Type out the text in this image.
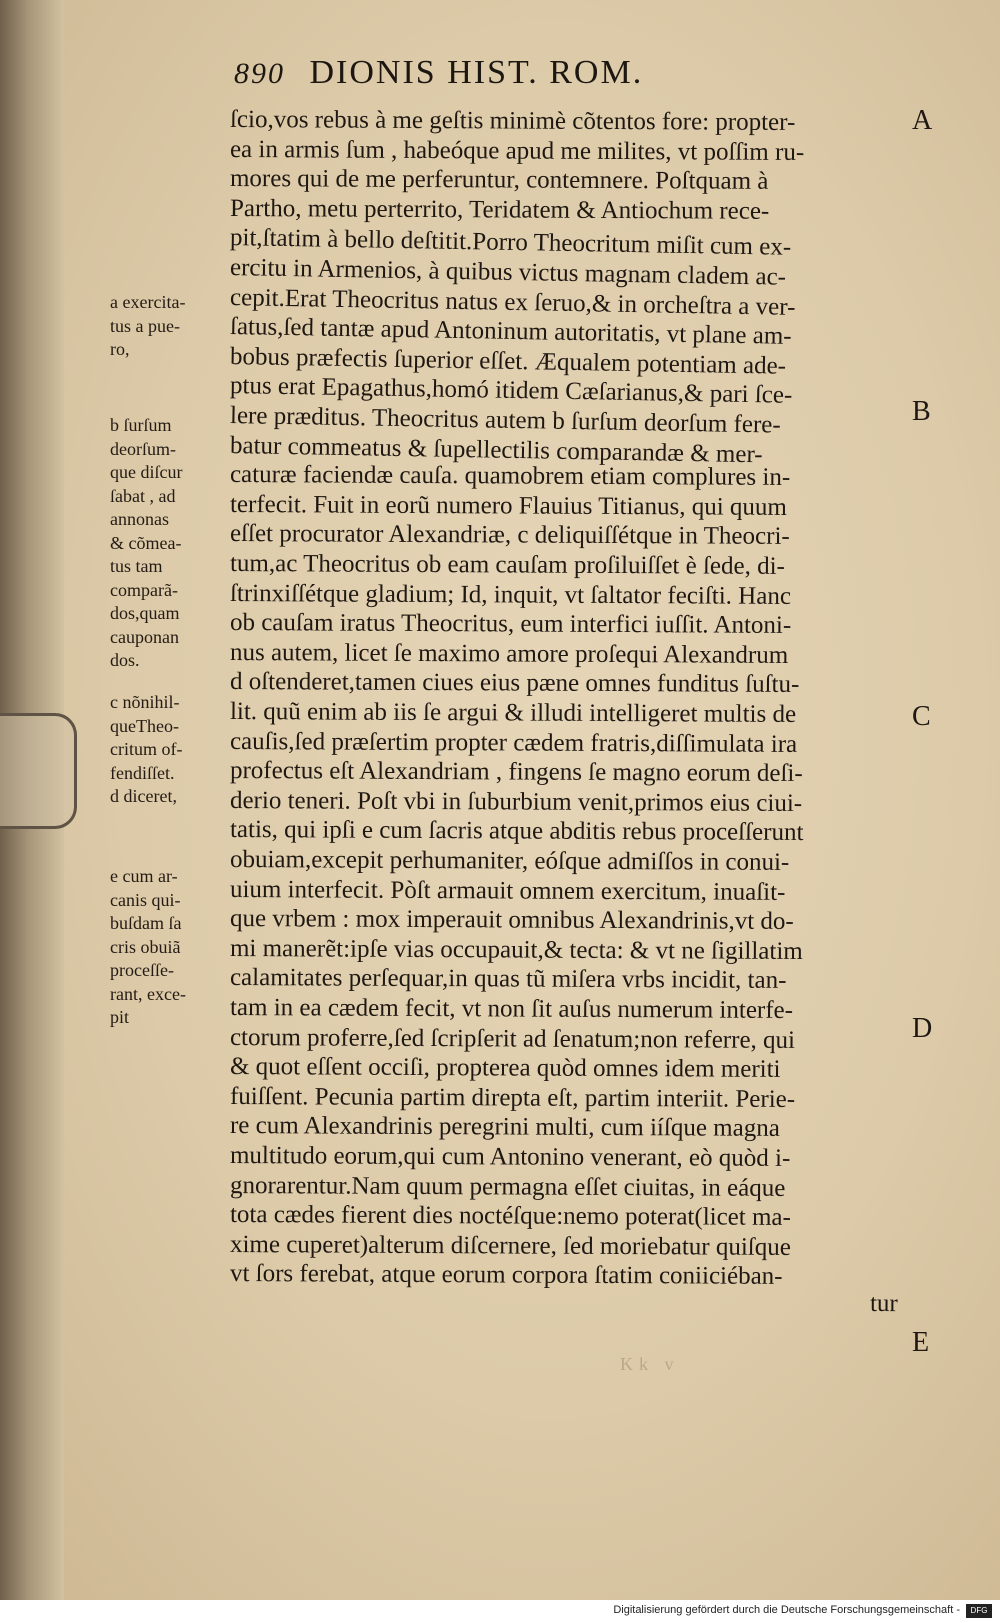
890 DIONIS HIST. ROM.
ſcio,vos rebus à me geſtis minimè cõtentos fore: propter-
ea in armis ſum , habeóque apud me milites, vt poſſim ru-
mores qui de me perferuntur, contemnere. Poſtquam à
Partho, metu perterrito, Teridatem & Antiochum rece-
pit,ſtatim à bello deſtitit.Porro Theocritum miſit cum ex-
ercitu in Armenios, à quibus victus magnam cladem ac-
cepit.Erat Theocritus natus ex ſeruo,& in orcheſtra a ver-
ſatus,ſed tantæ apud Antoninum autoritatis, vt plane am-
bobus præfectis ſuperior eſſet. Æqualem potentiam ade-
ptus erat Epagathus,homó itidem Cæſarianus,& pari ſce-
lere præditus. Theocritus autem b ſurſum deorſum fere-
batur commeatus & ſupellectilis comparandæ & mer-
caturæ faciendæ cauſa. quamobrem etiam complures in-
terfecit. Fuit in eorũ numero Flauius Titianus, qui quum
eſſet procurator Alexandriæ, c deliquiſſétque in Theocri-
tum,ac Theocritus ob eam cauſam proſiluiſſet è ſede, di-
ſtrinxiſſétque gladium; Id, inquit, vt ſaltator feciſti. Hanc
ob cauſam iratus Theocritus, eum interfici iuſſit. Antoni-
nus autem, licet ſe maximo amore proſequi Alexandrum
d oſtenderet,tamen ciues eius pæne omnes funditus ſuſtu-
lit. quũ enim ab iis ſe argui & illudi intelligeret multis de
cauſis,ſed præſertim propter cædem fratris,diſſimulata ira
profectus eſt Alexandriam , fingens ſe magno eorum deſi-
derio teneri. Poſt vbi in ſuburbium venit,primos eius ciui-
tatis, qui ipſi e cum ſacris atque abditis rebus proceſſerunt
obuiam,excepit perhumaniter, eóſque admiſſos in conui-
uium interfecit. Pòſt armauit omnem exercitum, inuaſit-
que vrbem : mox imperauit omnibus Alexandrinis,vt do-
mi manerẽt:ipſe vias occupauit,& tecta: & vt ne ſigillatim
calamitates perſequar,in quas tũ miſera vrbs incidit, tan-
tam in ea cædem fecit, vt non ſit auſus numerum interfe-
ctorum proferre,ſed ſcripſerit ad ſenatum;non referre, qui
& quot eſſent occiſi, propterea quòd omnes idem meriti
fuiſſent. Pecunia partim direpta eſt, partim interiit. Perie-
re cum Alexandrinis peregrini multi, cum iíſque magna
multitudo eorum,qui cum Antonino venerant, eò quòd i-
gnorarentur.Nam quum permagna eſſet ciuitas, in eáque
tota cædes fierent dies noctéſque:nemo poterat(licet ma-
xime cuperet)alterum diſcernere, ſed moriebatur quiſque
vt ſors ferebat, atque eorum corpora ſtatim coniiciéban-
tur
a exercita-
tus a pue-
ro,
b ſurſum
deorſum-
que diſcur
ſabat , ad
annonas
& cõmea-
tus tam
comparã-
dos,quam
cauponan
dos.
c nõnihil-
queTheo-
critum of-
fendiſſet.
d diceret,
e cum ar-
canis qui-
buſdam ſa
cris obuiã
proceſſe-
rant, exce-
pit
A
B
C
D
E
Kk v
Digitalisierung gefördert durch die Deutsche Forschungsgemeinschaft -	DFG
